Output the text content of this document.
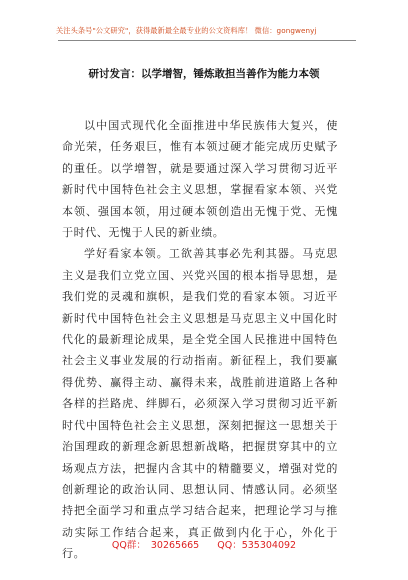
关注头条号"公文研究"，获得最新最全最专业的公文资料库！ 微信：gongwenyj
研讨发言：以学增智，锤炼敢担当善作为能力本领

以中国式现代化全面推进中华民族伟大复兴，使命光荣，任务艰巨，惟有本领过硬才能完成历史赋予的重任。以学增智，就是要通过深入学习贯彻习近平新时代中国特色社会主义思想，掌握看家本领、兴党本领、强国本领，用过硬本领创造出无愧于党、无愧于时代、无愧于人民的新业绩。

学好看家本领。工欲善其事必先利其器。马克思主义是我们立党立国、兴党兴国的根本指导思想，是我们党的灵魂和旗帜，是我们党的看家本领。习近平新时代中国特色社会主义思想是马克思主义中国化时代化的最新理论成果，是全党全国人民推进中国特色社会主义事业发展的行动指南。新征程上，我们要赢得优势、赢得主动、赢得未来，战胜前进道路上各种各样的拦路虎、绊脚石，必须深入学习贯彻习近平新时代中国特色社会主义思想，深刻把握这一思想关于治国理政的新理念新思想新战略，把握贯穿其中的立场观点方法，把握内含其中的精髓要义，增强对党的创新理论的政治认同、思想认同、情感认同。必须坚持把全面学习和重点学习结合起来，把理论学习与推动实际工作结合起来，真正做到内化于心，外化于行。

QQ群： 30265665 QQ：535304092
